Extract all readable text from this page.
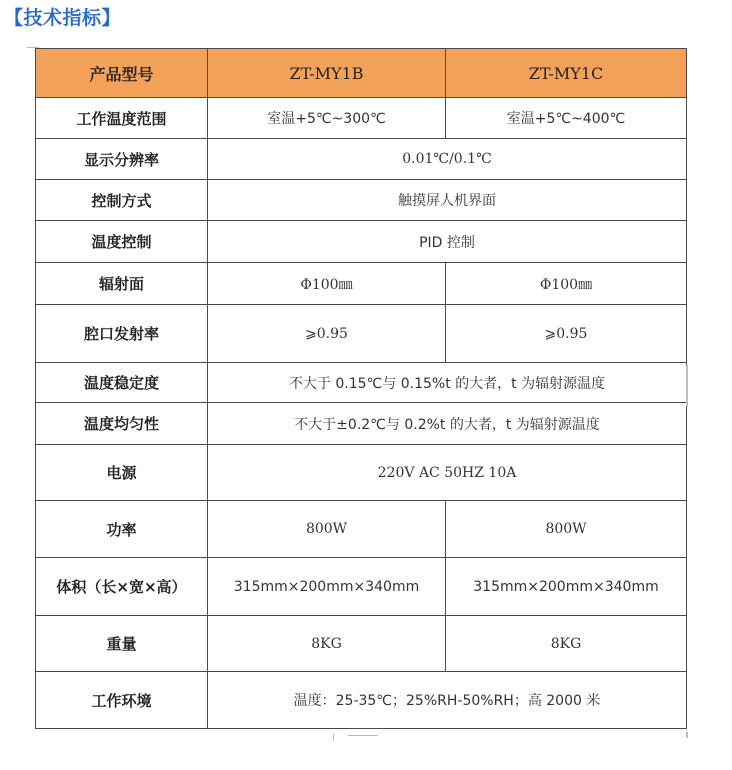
【技术指标】
产品型号	ZT-MY1B	ZT-MY1C
工作温度范围	室温+5℃~300℃	室温+5℃~400℃
显示分辨率	0.01℃/0.1℃	
控制方式	触摸屏人机界面	
温度控制	PID 控制	
辐射面	Φ100㎜	Φ100㎜
腔口发射率	⩾0.95	⩾0.95
温度稳定度	不大于 0.15℃与 0.15%t 的大者，t 为辐射源温度	
温度均匀性	不大于±0.2℃与 0.2%t 的大者，t 为辐射源温度	
电源	220V AC 50HZ 10A	
功率	800W	800W
体积（长×宽×高）	315mm×200mm×340mm	315mm×200mm×340mm
重量	8KG	8KG
工作环境	温度：25-35℃；25%RH-50%RH；高 2000 米	
